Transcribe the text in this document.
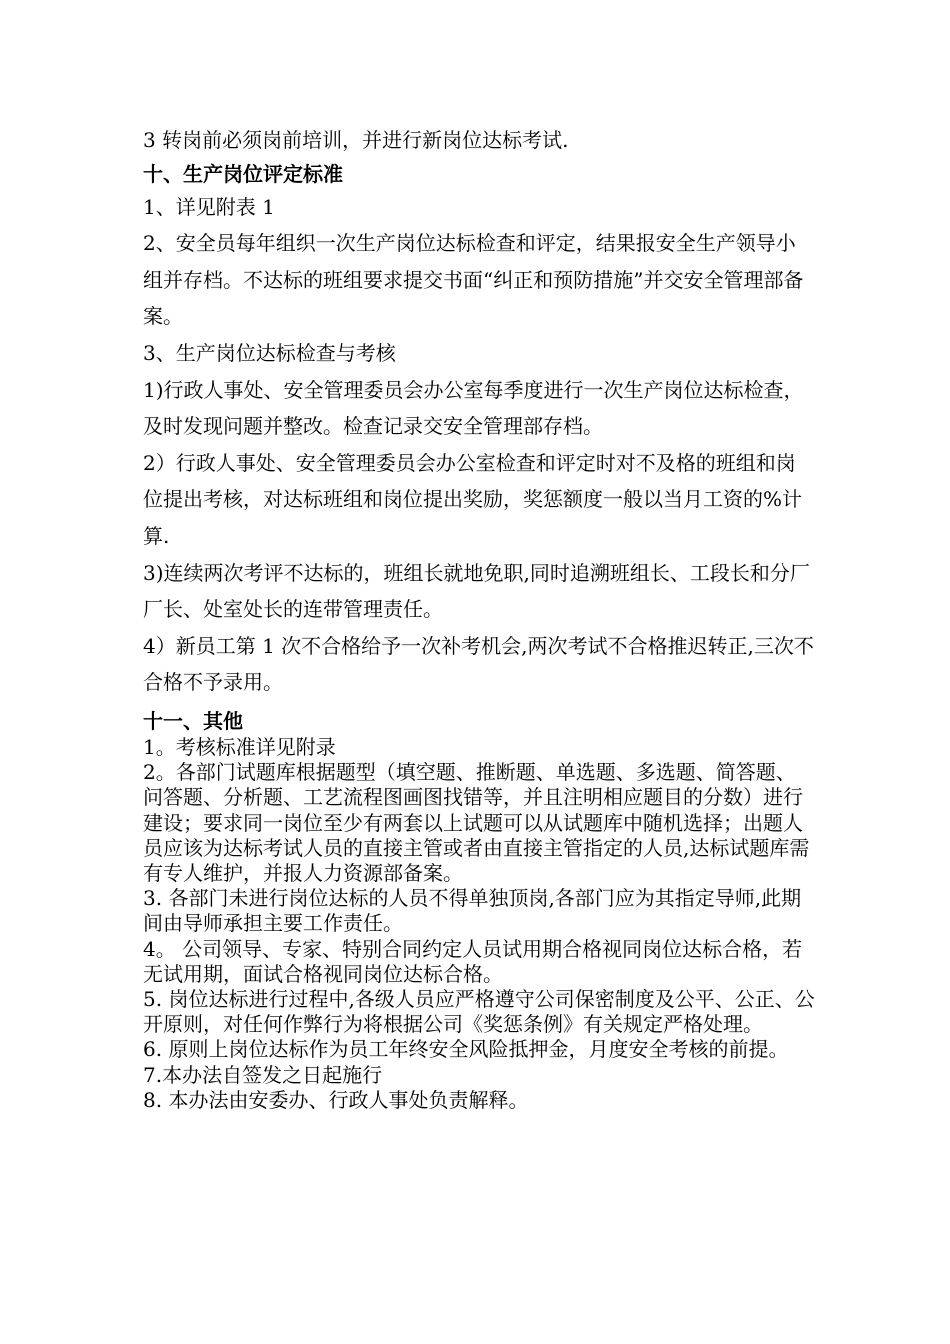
3 转岗前必须岗前培训，并进行新岗位达标考试.

十、生产岗位评定标准

1、详见附表 1

2、安全员每年组织一次生产岗位达标检查和评定，结果报安全生产领导小组并存档。不达标的班组要求提交书面“纠正和预防措施”并交安全管理部备案。

3、生产岗位达标检查与考核

1)行政人事处、安全管理委员会办公室每季度进行一次生产岗位达标检查，及时发现问题并整改。检查记录交安全管理部存档。

2）行政人事处、安全管理委员会办公室检查和评定时对不及格的班组和岗位提出考核，对达标班组和岗位提出奖励，奖惩额度一般以当月工资的%计算.

3)连续两次考评不达标的，班组长就地免职,同时追溯班组长、工段长和分厂厂长、处室处长的连带管理责任。

4）新员工第 1 次不合格给予一次补考机会,两次考试不合格推迟转正,三次不合格不予录用。

十一、其他

1。考核标准详见附录

2。各部门试题库根据题型（填空题、推断题、单选题、多选题、简答题、问答题、分析题、工艺流程图画图找错等，并且注明相应题目的分数）进行建设；要求同一岗位至少有两套以上试题可以从试题库中随机选择；出题人员应该为达标考试人员的直接主管或者由直接主管指定的人员,达标试题库需有专人维护，并报人力资源部备案。

3. 各部门未进行岗位达标的人员不得单独顶岗,各部门应为其指定导师,此期间由导师承担主要工作责任。

4。 公司领导、专家、特别合同约定人员试用期合格视同岗位达标合格，若无试用期，面试合格视同岗位达标合格。

5. 岗位达标进行过程中,各级人员应严格遵守公司保密制度及公平、公正、公开原则，对任何作弊行为将根据公司《奖惩条例》有关规定严格处理。

6. 原则上岗位达标作为员工年终安全风险抵押金，月度安全考核的前提。

7.本办法自签发之日起施行

8. 本办法由安委办、行政人事处负责解释。
